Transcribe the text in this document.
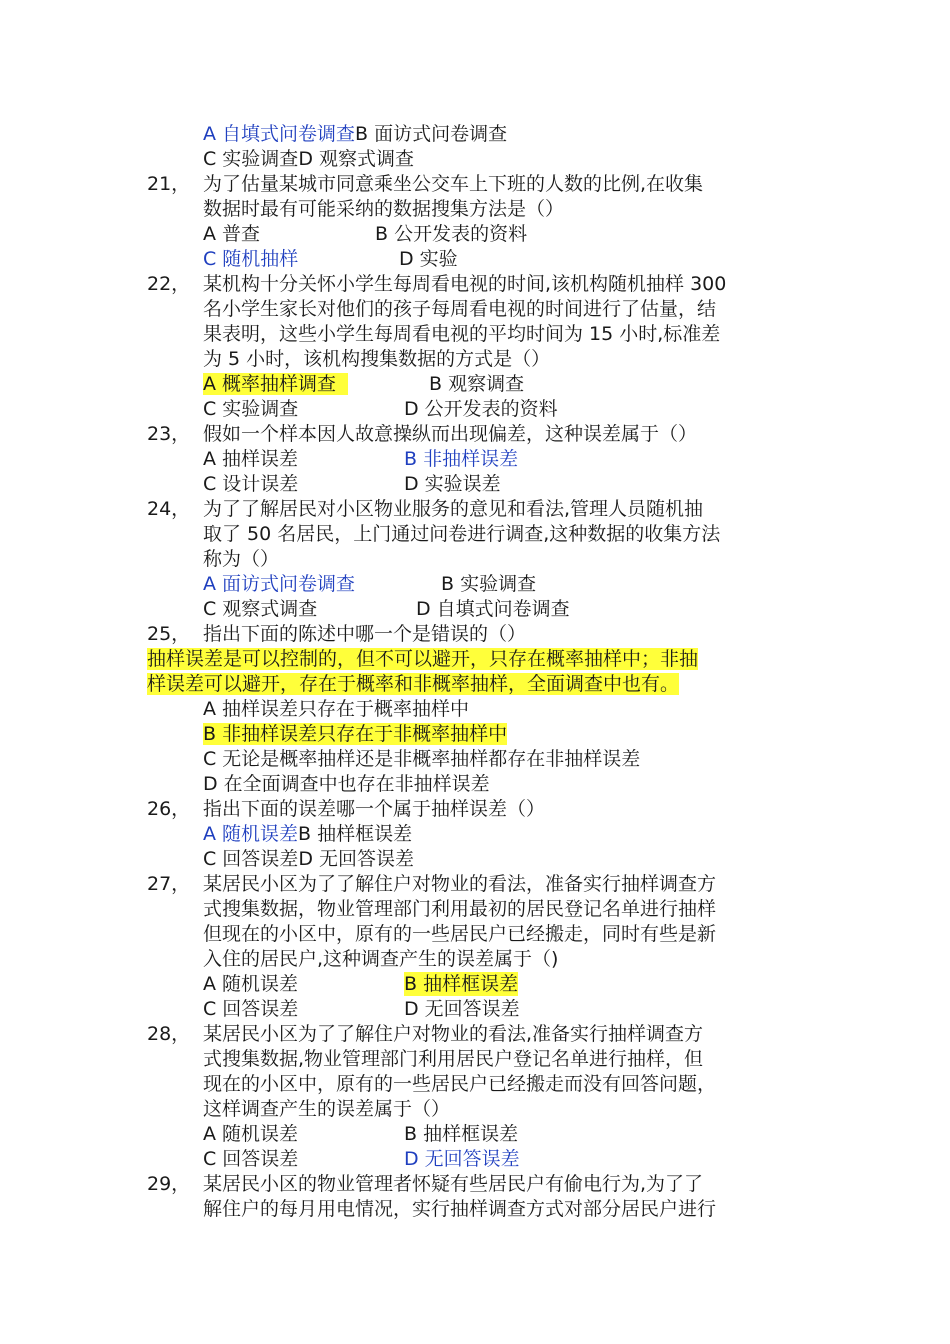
A 自填式问卷调查B 面访式问卷调查
C 实验调查D 观察式调查
21， 为了估量某城市同意乘坐公交车上下班的人数的比例,在收集
数据时最有可能采纳的数据搜集方法是（）
A 普查	B 公开发表的资料
C 随机抽样	D 实验
22， 某机构十分关怀小学生每周看电视的时间,该机构随机抽样 300
名小学生家长对他们的孩子每周看电视的时间进行了估量，结
果表明，这些小学生每周看电视的平均时间为 15 小时,标准差
为 5 小时，该机构搜集数据的方式是（）
A 概率抽样调查	B 观察调查
C 实验调查	D 公开发表的资料
23， 假如一个样本因人故意操纵而出现偏差，这种误差属于（）
A 抽样误差	B 非抽样误差
C 设计误差	D 实验误差
24， 为了了解居民对小区物业服务的意见和看法,管理人员随机抽
取了 50 名居民，上门通过问卷进行调查,这种数据的收集方法
称为（）
A 面访式问卷调查	B 实验调查
C 观察式调查	D 自填式问卷调查
25， 指出下面的陈述中哪一个是错误的（）
抽样误差是可以控制的，但不可以避开，只存在概率抽样中；非抽
样误差可以避开，存在于概率和非概率抽样，全面调查中也有。
A 抽样误差只存在于概率抽样中
B 非抽样误差只存在于非概率抽样中
C 无论是概率抽样还是非概率抽样都存在非抽样误差
D 在全面调查中也存在非抽样误差
26， 指出下面的误差哪一个属于抽样误差（）
A 随机误差B 抽样框误差
C 回答误差D 无回答误差
27， 某居民小区为了了解住户对物业的看法，准备实行抽样调查方
式搜集数据，物业管理部门利用最初的居民登记名单进行抽样
但现在的小区中，原有的一些居民户已经搬走，同时有些是新
入住的居民户,这种调查产生的误差属于（)
A 随机误差	B 抽样框误差
C 回答误差	D 无回答误差
28， 某居民小区为了了解住户对物业的看法,准备实行抽样调查方
式搜集数据,物业管理部门利用居民户登记名单进行抽样，但
现在的小区中，原有的一些居民户已经搬走而没有回答问题，
这样调查产生的误差属于（）
A 随机误差	B 抽样框误差
C 回答误差	D 无回答误差
29， 某居民小区的物业管理者怀疑有些居民户有偷电行为,为了了
解住户的每月用电情况，实行抽样调查方式对部分居民户进行
